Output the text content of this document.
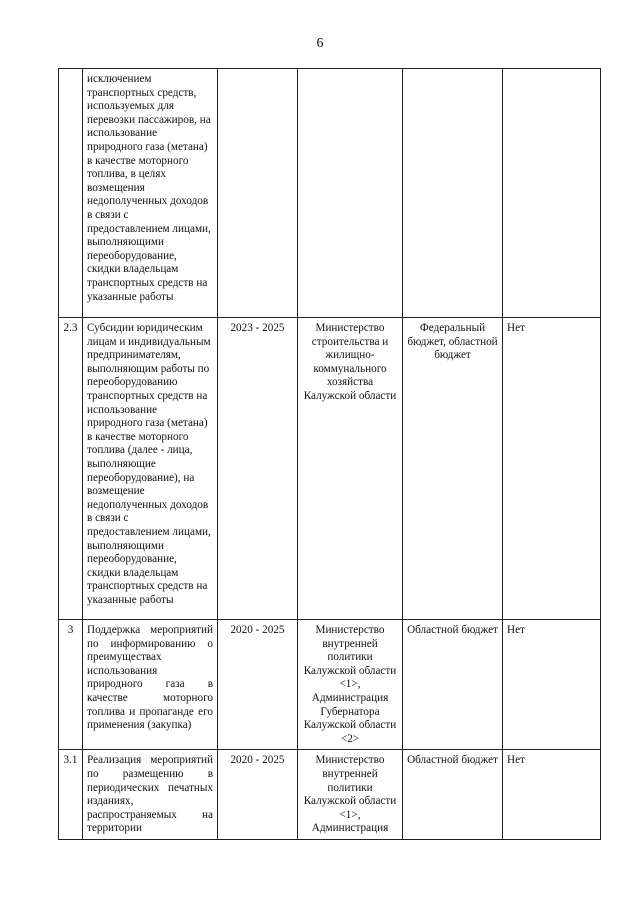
6
	исключением транспортных средств, используемых для перевозки пассажиров, на использование природного газа (метана) в качестве моторного топлива, в целях возмещения недополученных доходов в связи с предоставлением лицами, выполняющими переоборудование, скидки владельцам транспортных средств на указанные работы				
2.3	Субсидии юридическим лицам и индивидуальным предпринимателям, выполняющим работы по переоборудованию транспортных средств на использование природного газа (метана) в качестве моторного топлива (далее - лица, выполняющие переоборудование), на возмещение недополученных доходов в связи с предоставлением лицами, выполняющими переоборудование, скидки владельцам транспортных средств на указанные работы	2023 - 2025	Министерство строительства и жилищно-коммунального хозяйства Калужской области	Федеральный бюджет, областной бюджет	Нет
3	Поддержка мероприятий по информированию о преимуществах использования природного газа в качестве моторного топлива и пропаганде его применения (закупка)	2020 - 2025	Министерство внутренней политики Калужской области <1>, Администрация Губернатора Калужской области <2>	Областной бюджет	Нет
3.1	Реализация мероприятий по размещению в периодических печатных изданиях, распространяемых на территории	2020 - 2025	Министерство внутренней политики Калужской области <1>, Администрация	Областной бюджет	Нет
